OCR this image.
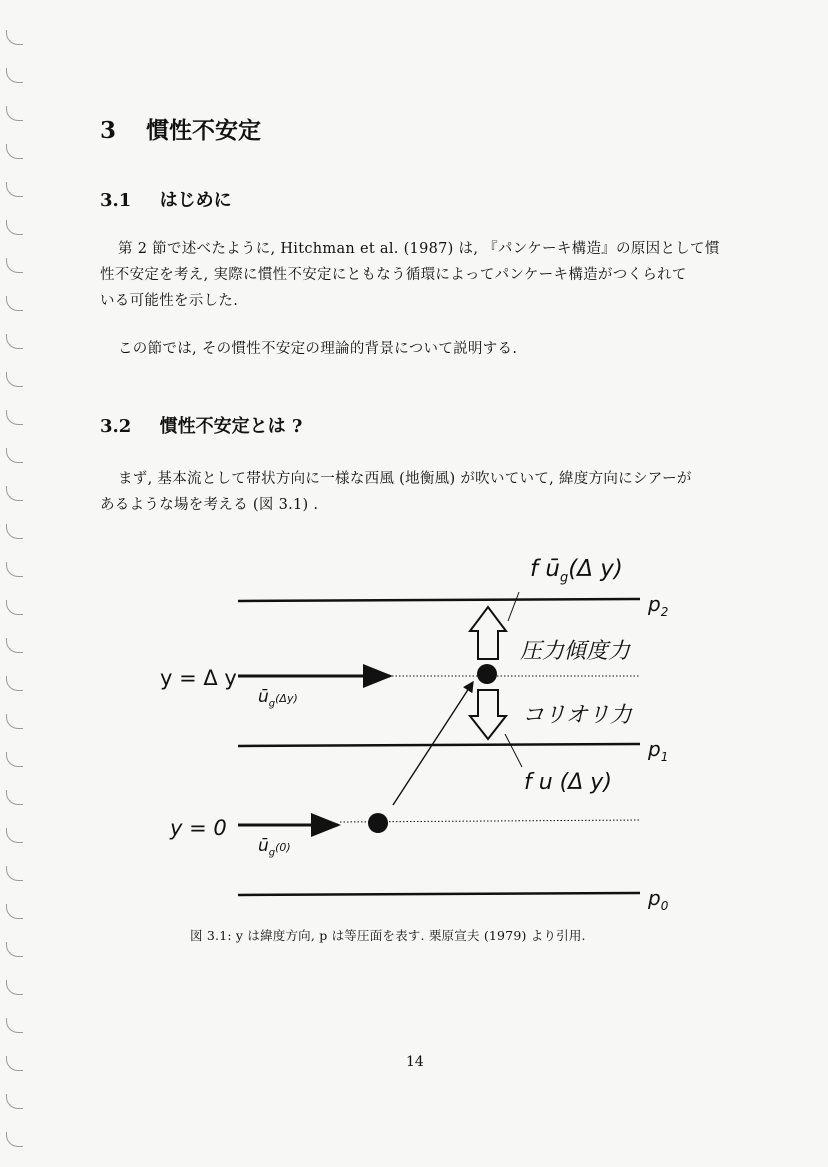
3 慣性不安定
3.1 はじめに
第 2 節で述べたように, Hitchman et al. (1987) は, 『パンケーキ構造』の原因として慣
性不安定を考え, 実際に慣性不安定にともなう循環によってパンケーキ構造がつくられて
いる可能性を示した.
この節では, その慣性不安定の理論的背景について説明する.
3.2 慣性不安定とは ?
まず, 基本流として帯状方向に一様な西風 (地衡風) が吹いていて, 緯度方向にシアーが
あるような場を考える (図 3.1) .
f $ū_g(\Delta$ y)
$p_2$
$p_1$
$p_0$
圧力傾度力
コリオリ力
y = Δ y
y = 0
$ū_g(\Delta y)$
$ū_g(0)$
f u (Δ y)
図 3.1: y は緯度方向, p は等圧面を表す. 栗原宣夫 (1979) より引用.
14
